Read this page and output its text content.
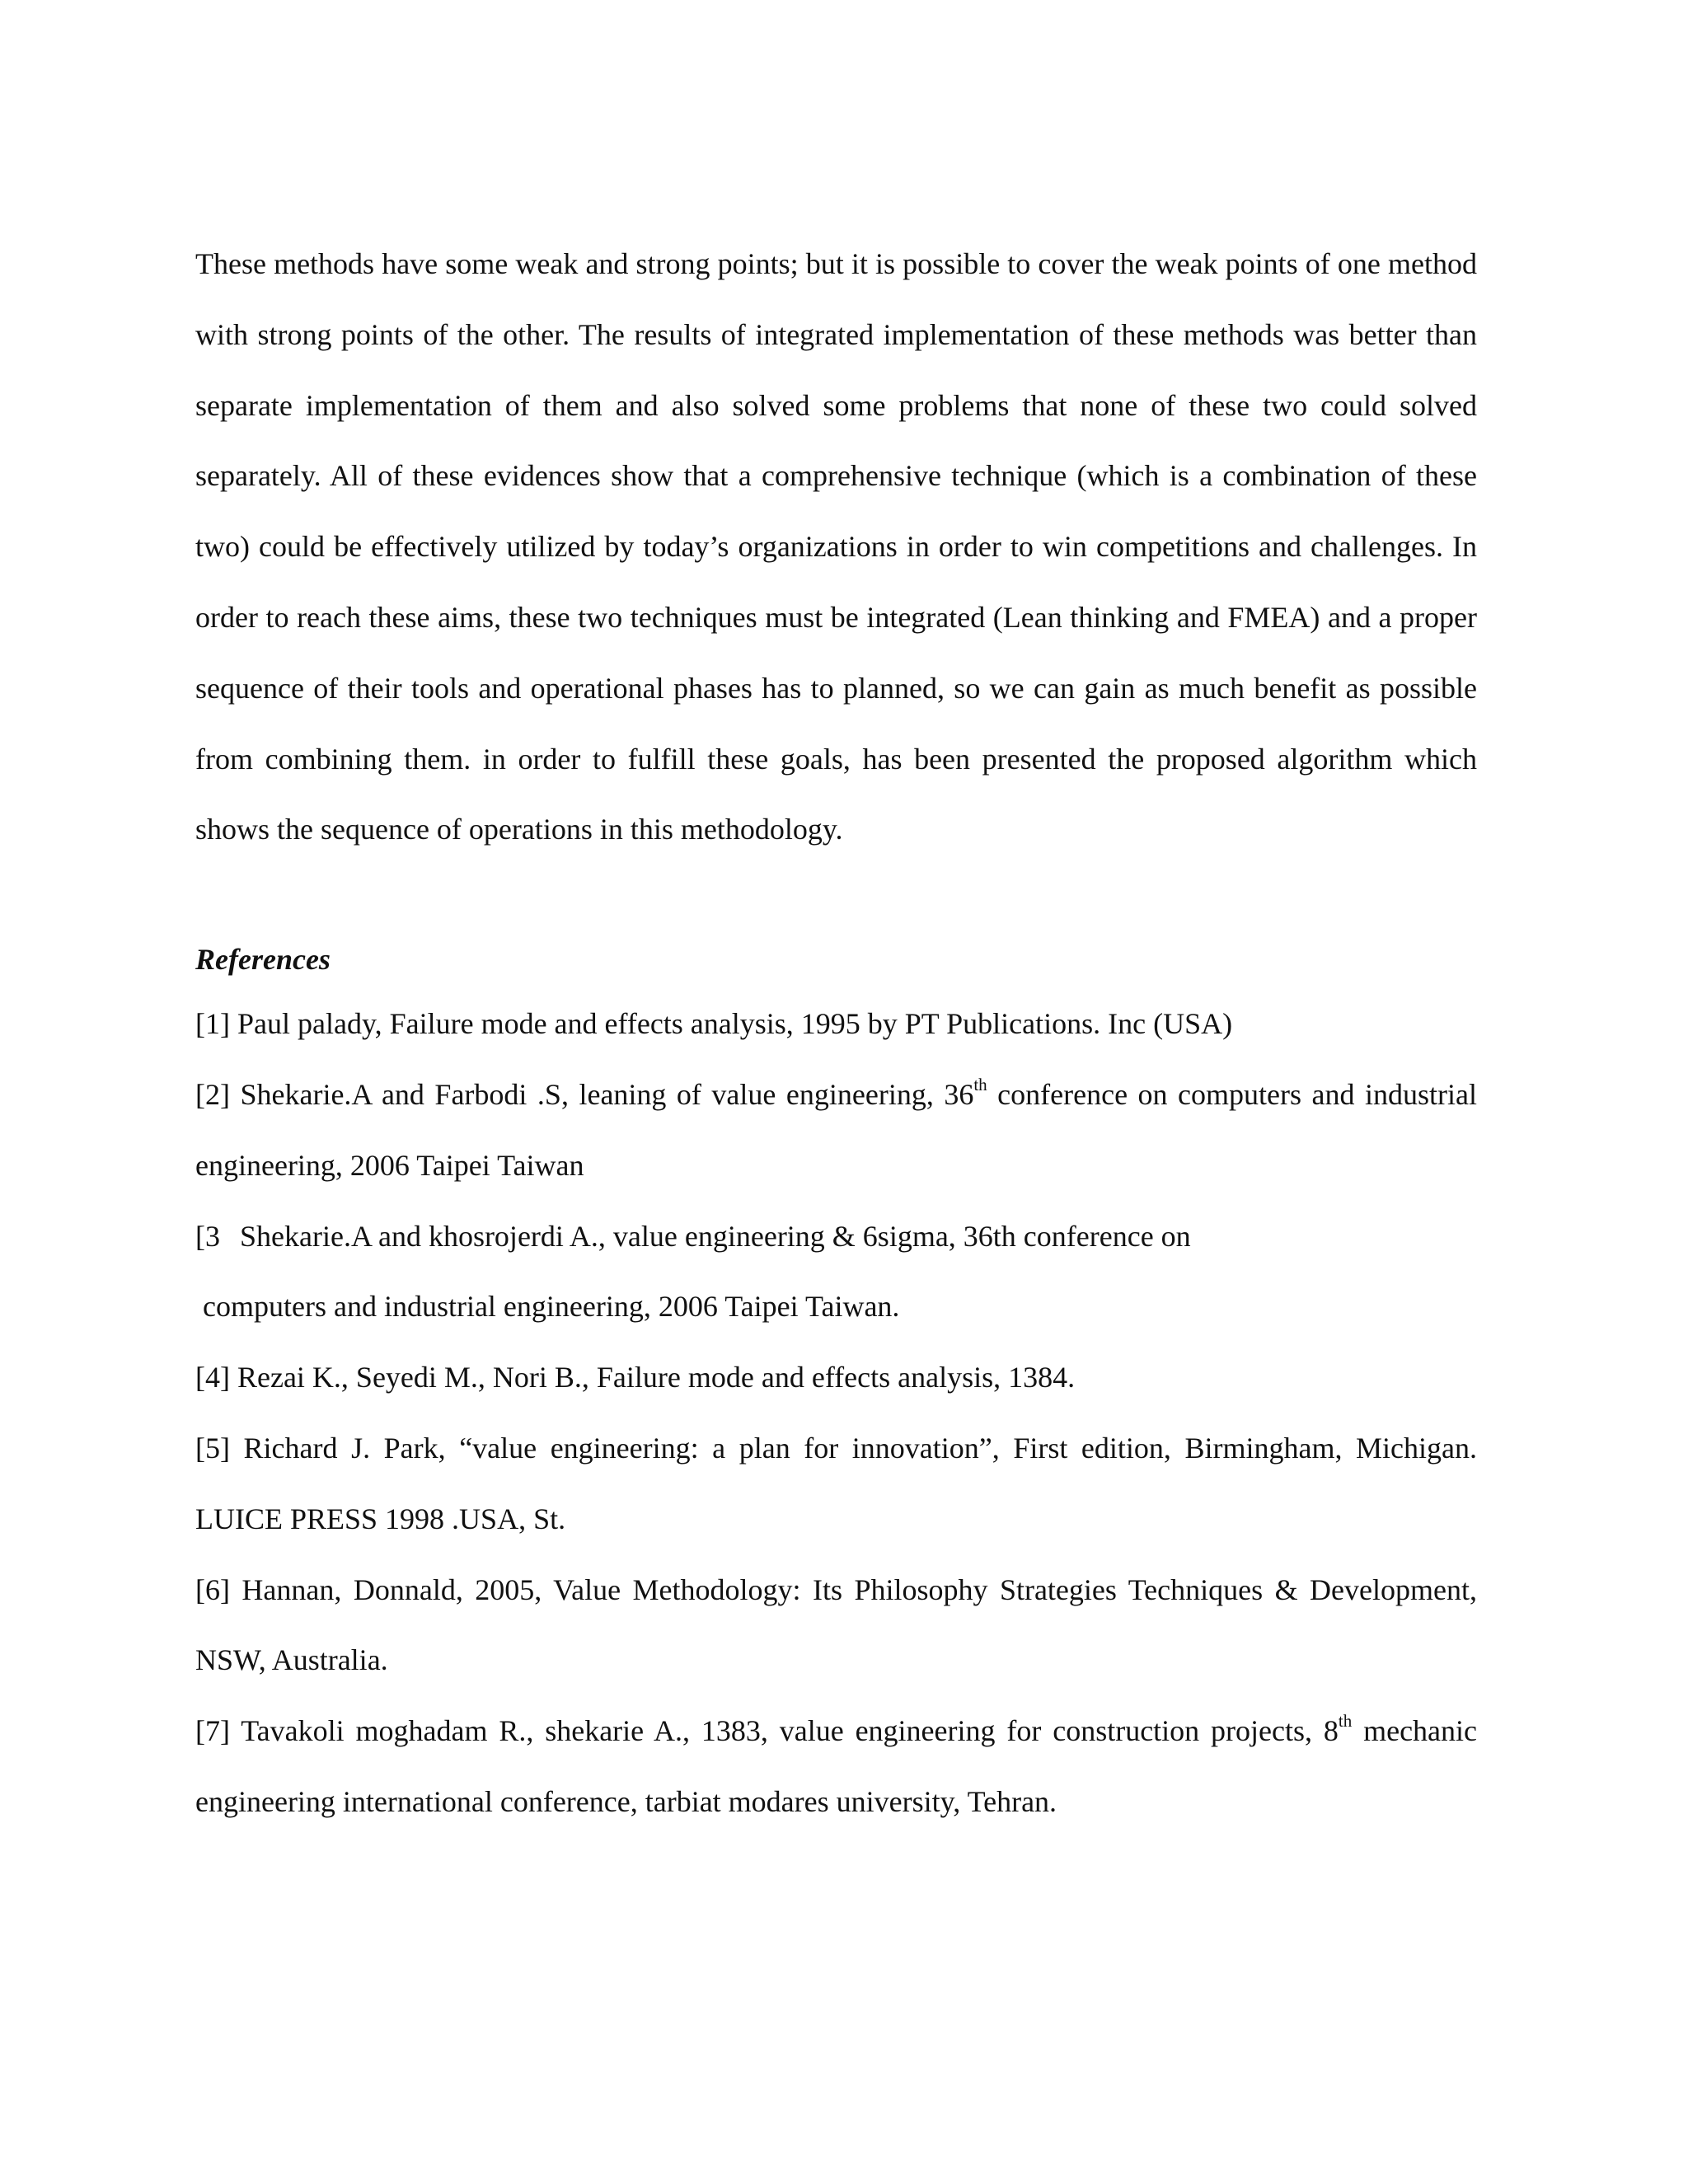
These methods have some weak and strong points; but it is possible to cover the weak points of one method with strong points of the other. The results of integrated implementation of these methods was better than separate implementation of them and also solved some problems that none of these two could solved separately. All of these evidences show that a comprehensive technique (which is a combination of these two) could be effectively utilized by today’s organizations in order to win competitions and challenges. In order to reach these aims, these two techniques must be integrated (Lean thinking and FMEA) and a proper sequence of their tools and operational phases has to planned, so we can gain as much benefit as possible from combining them. in order to fulfill these goals, has been presented the proposed algorithm which shows the sequence of operations in this methodology.

References

[1] Paul palady, Failure mode and effects analysis, 1995 by PT Publications. Inc (USA)

[2] Shekarie.A and Farbodi .S, leaning of value engineering, 36th conference on computers and industrial engineering, 2006 Taipei Taiwan

[3 Shekarie.A and khosrojerdi A., value engineering & 6sigma, 36th conference on
computers and industrial engineering, 2006 Taipei Taiwan.

[4] Rezai K., Seyedi M., Nori B., Failure mode and effects analysis, 1384.

[5] Richard J. Park, “value engineering: a plan for innovation”, First edition, Birmingham, Michigan. LUICE PRESS 1998 .USA, St.

[6] Hannan, Donnald, 2005, Value Methodology: Its Philosophy Strategies Techniques & Development, NSW, Australia.

[7] Tavakoli moghadam R., shekarie A., 1383, value engineering for construction projects, 8th mechanic engineering international conference, tarbiat modares university, Tehran.
